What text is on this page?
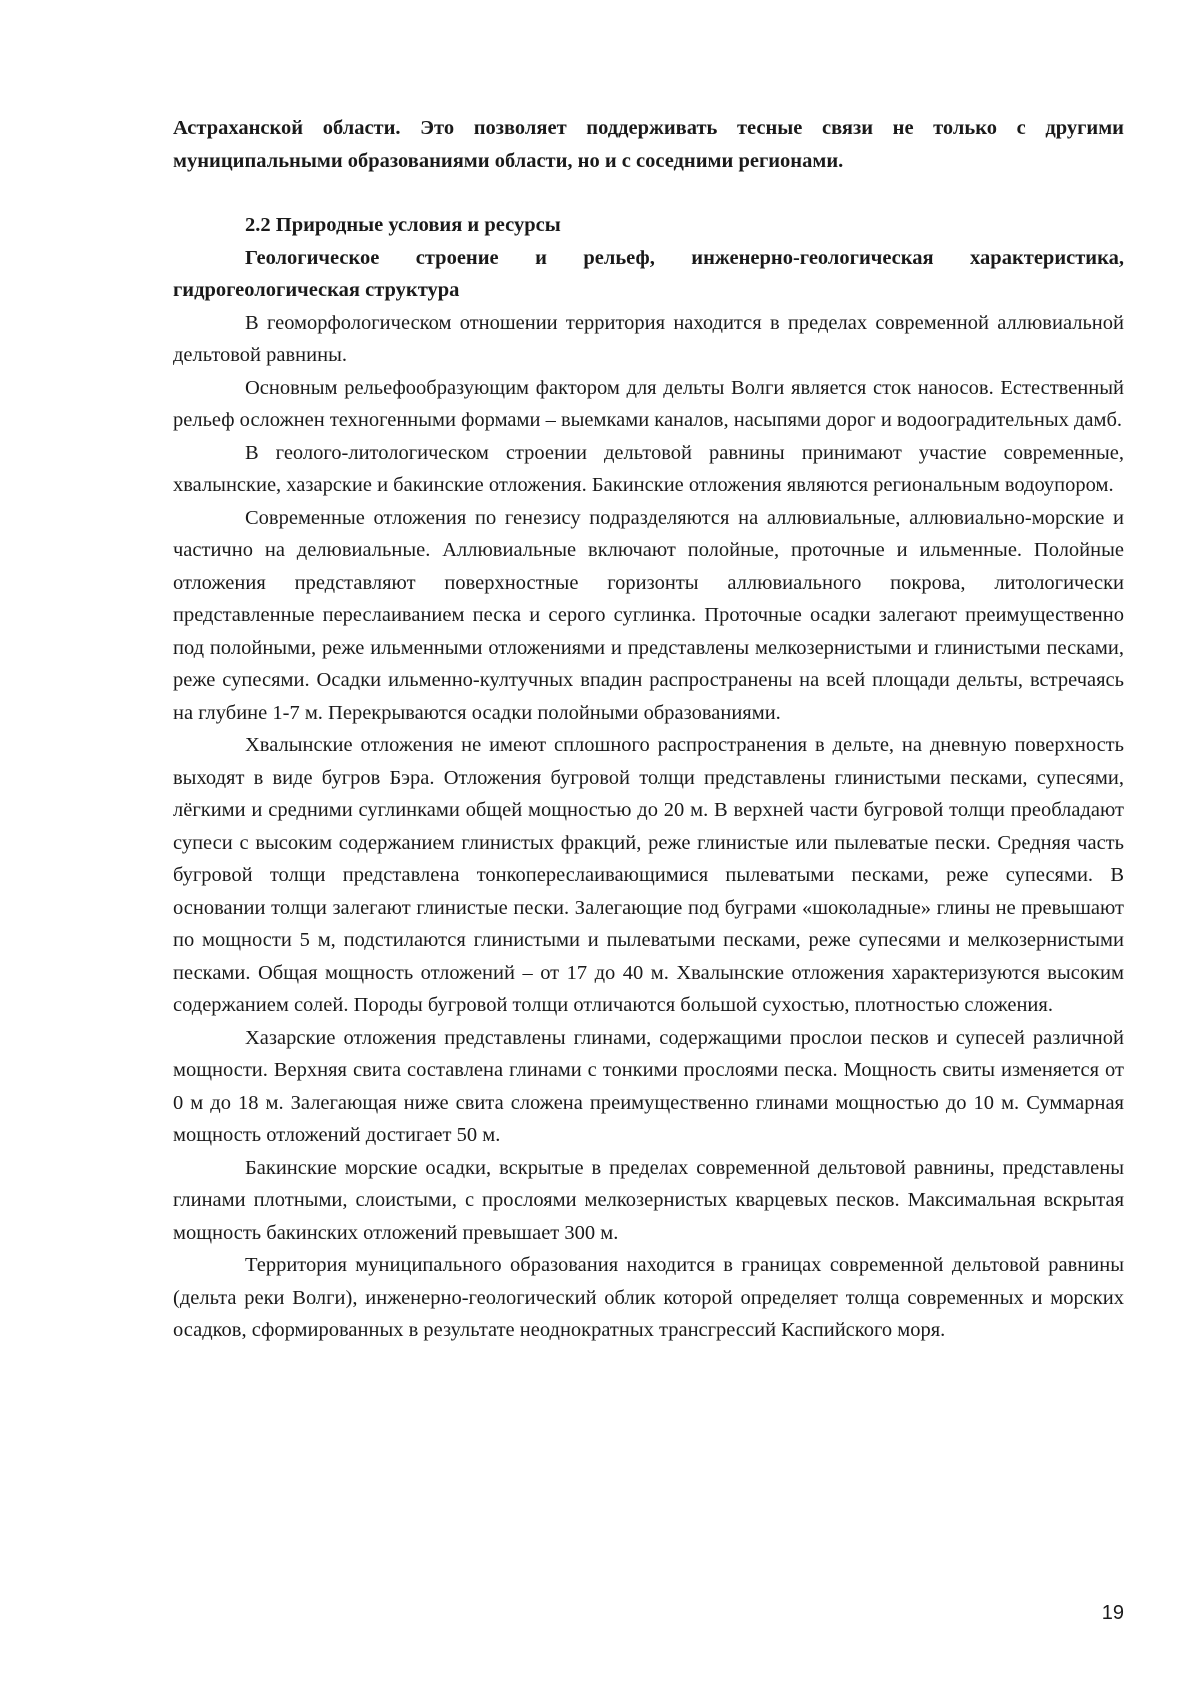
Астраханской области. Это позволяет поддерживать тесные связи не только с другими муниципальными образованиями области, но и с соседними регионами.

2.2 Природные условия и ресурсы

Геологическое строение и рельеф, инженерно-геологическая характеристика, гидрогеологическая структура

В геоморфологическом отношении территория находится в пределах современной аллювиальной дельтовой равнины.

Основным рельефообразующим фактором для дельты Волги является сток наносов. Естественный рельеф осложнен техногенными формами – выемками каналов, насыпями дорог и водооградительных дамб.

В геолого-литологическом строении дельтовой равнины принимают участие современные, хвалынские, хазарские и бакинские отложения. Бакинские отложения являются региональным водоупором.

Современные отложения по генезису подразделяются на аллювиальные, аллювиально-морские и частично на делювиальные. Аллювиальные включают полойные, проточные и ильменные. Полойные отложения представляют поверхностные горизонты аллювиального покрова, литологически представленные переслаиванием песка и серого суглинка. Проточные осадки залегают преимущественно под полойными, реже ильменными отложениями и представлены мелкозернистыми и глинистыми песками, реже супесями. Осадки ильменно-култучных впадин распространены на всей площади дельты, встречаясь на глубине 1-7 м. Перекрываются осадки полойными образованиями.

Хвалынские отложения не имеют сплошного распространения в дельте, на дневную поверхность выходят в виде бугров Бэра. Отложения бугровой толщи представлены глинистыми песками, супесями, лёгкими и средними суглинками общей мощностью до 20 м. В верхней части бугровой толщи преобладают супеси с высоким содержанием глинистых фракций, реже глинистые или пылеватые пески. Средняя часть бугровой толщи представлена тонкопереслаивающимися пылеватыми песками, реже супесями. В основании толщи залегают глинистые пески. Залегающие под буграми «шоколадные» глины не превышают по мощности 5 м, подстилаются глинистыми и пылеватыми песками, реже супесями и мелкозернистыми песками. Общая мощность отложений – от 17 до 40 м. Хвалынские отложения характеризуются высоким содержанием солей. Породы бугровой толщи отличаются большой сухостью, плотностью сложения.

Хазарские отложения представлены глинами, содержащими прослои песков и супесей различной мощности. Верхняя свита составлена глинами с тонкими прослоями песка. Мощность свиты изменяется от 0 м до 18 м. Залегающая ниже свита сложена преимущественно глинами мощностью до 10 м. Суммарная мощность отложений достигает 50 м.

Бакинские морские осадки, вскрытые в пределах современной дельтовой равнины, представлены глинами плотными, слоистыми, с прослоями мелкозернистых кварцевых песков. Максимальная вскрытая мощность бакинских отложений превышает 300 м.

Территория муниципального образования находится в границах современной дельтовой равнины (дельта реки Волги), инженерно-геологический облик которой определяет толща современных и морских осадков, сформированных в результате неоднократных трансгрессий Каспийского моря.

19
